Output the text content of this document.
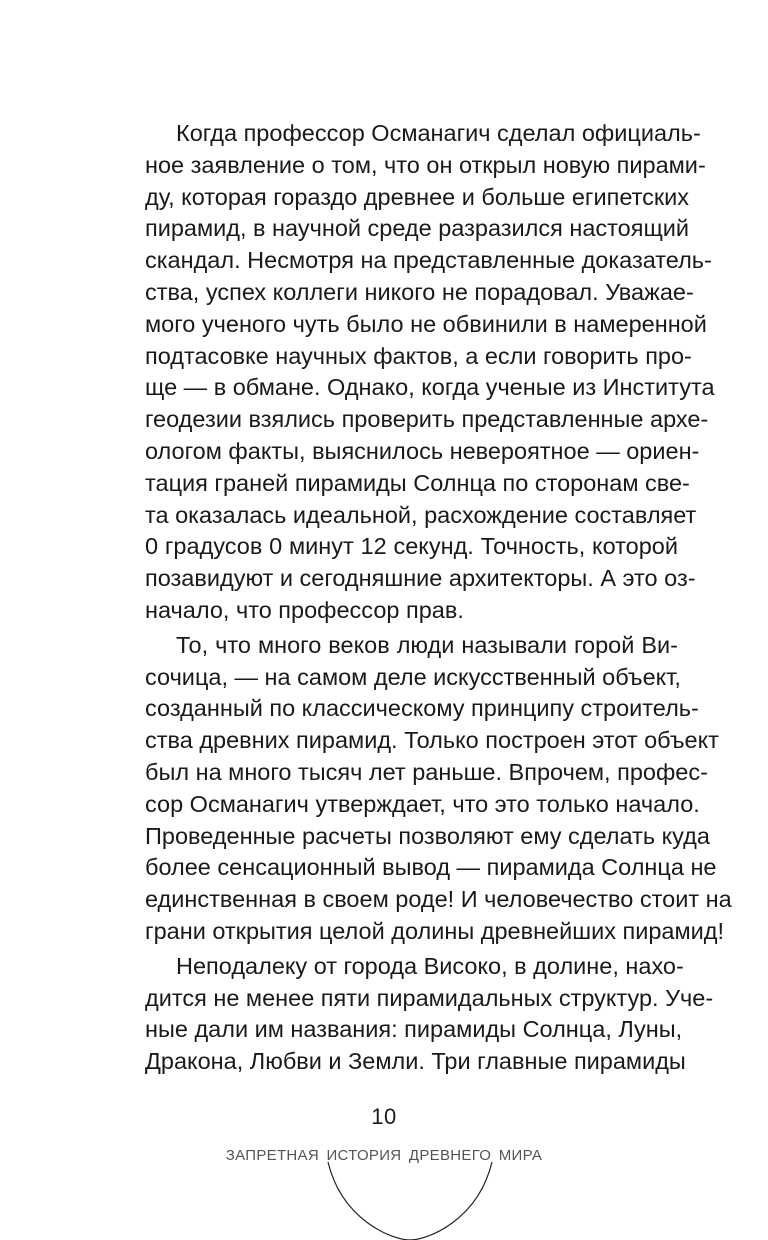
Когда профессор Османагич сделал официаль-
ное заявление о том, что он открыл новую пирами-
ду, которая гораздо древнее и больше египетских
пирамид, в научной среде разразился настоящий
скандал. Несмотря на представленные доказатель-
ства, успех коллеги никого не порадовал. Уважае-
мого ученого чуть было не обвинили в намеренной
подтасовке научных фактов, а если говорить про-
ще — в обмане. Однако, когда ученые из Института
геодезии взялись проверить представленные архе-
ологом факты, выяснилось невероятное — ориен-
тация граней пирамиды Солнца по сторонам све-
та оказалась идеальной, расхождение составляет
0 градусов 0 минут 12 секунд. Точность, которой
позавидуют и сегодняшние архитекторы. А это оз-
начало, что профессор прав.
То, что много веков люди называли горой Ви-
сочица, — на самом деле искусственный объект,
созданный по классическому принципу строитель-
ства древних пирамид. Только построен этот объект
был на много тысяч лет раньше. Впрочем, профес-
сор Османагич утверждает, что это только начало.
Проведенные расчеты позволяют ему сделать куда
более сенсационный вывод — пирамида Солнца не
единственная в своем роде! И человечество стоит на
грани открытия целой долины древнейших пирамид!
Неподалеку от города Високо, в долине, нахо-
дится не менее пяти пирамидальных структур. Уче-
ные дали им названия: пирамиды Солнца, Луны,
Дракона, Любви и Земли. Три главные пирамиды
10
ЗАПРЕТНАЯ ИСТОРИЯ ДРЕВНЕГО МИРА
